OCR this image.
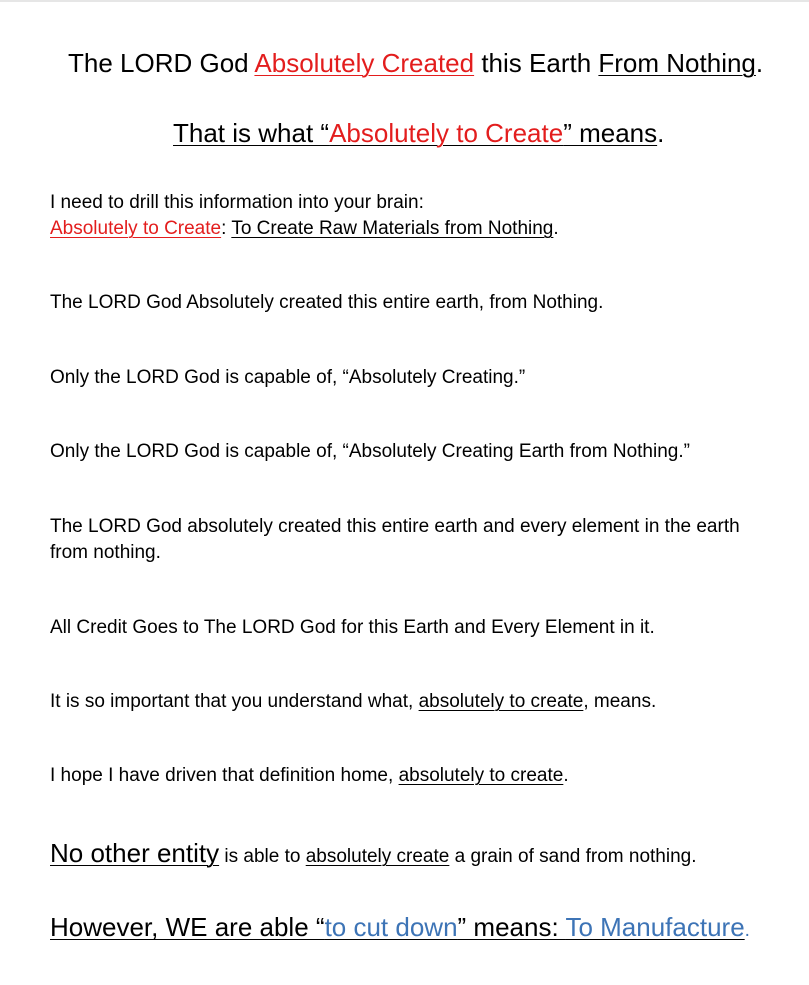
The LORD God Absolutely Created this Earth From Nothing.
That is what “Absolutely to Create” means.
I need to drill this information into your brain:
Absolutely to Create: To Create Raw Materials from Nothing.
The LORD God Absolutely created this entire earth, from Nothing.
Only the LORD God is capable of, “Absolutely Creating.”
Only the LORD God is capable of, “Absolutely Creating Earth from Nothing.”
The LORD God absolutely created this entire earth and every element in the earth from nothing.
All Credit Goes to The LORD God for this Earth and Every Element in it.
It is so important that you understand what, absolutely to create, means.
I hope I have driven that definition home, absolutely to create.
No other entity is able to absolutely create a grain of sand from nothing.
However, WE are able “to cut down” means: To Manufacture.
